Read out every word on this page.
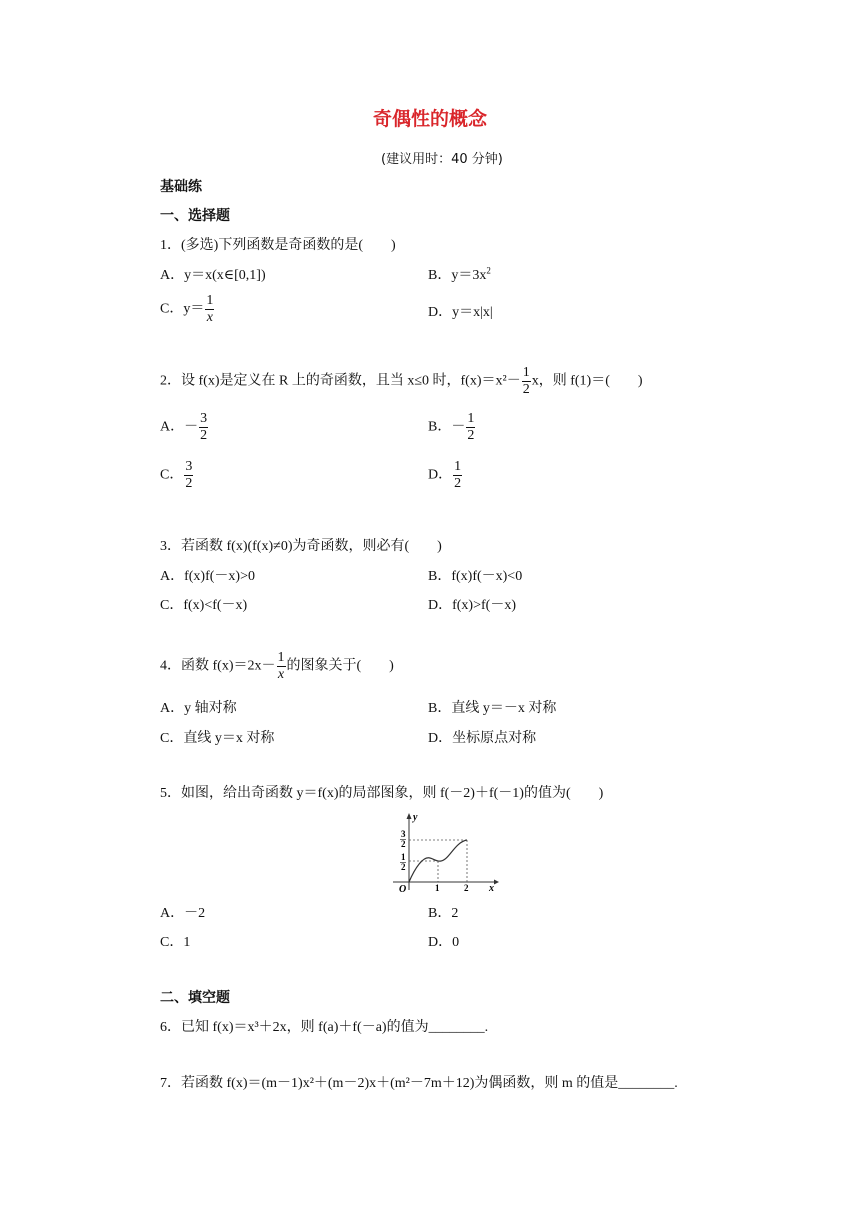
奇偶性的概念
(建议用时：40 分钟)
基础练
一、选择题
1．(多选)下列函数是奇函数的是(　　)
A．y＝x(x∈[0,1])	B．$y=3x^2$
C．$y= \frac{1}{x}$	D．y＝x|x|
2．设 f(x)是定义在 R 上的奇函数，且当 x≤0 时，$f(x)=x^2- \frac{1}{2}$ x，则 f(1)＝(　　)
A．－ $\frac{3}{2}$	B．－ $\frac{1}{2}$
C． $\frac{3}{2}$	D． $\frac{1}{2}$
3．若函数 f(x)(f(x)≠0)为奇函数，则必有(　　)
A．f(x)f(－x)>0	B．f(x)f(－x)<0
C．f(x)<f(－x)	D．f(x)>f(－x)
4．函数 $f(x)=2x- \frac{1}{x}$ 的图象关于(　　)
A．y 轴对称	B．直线 y＝－x 对称
C．直线 y＝x 对称	D．坐标原点对称
5．如图，给出奇函数 y＝f(x)的局部图象，则 f(－2)＋f(－1)的值为(　　)
y
x
O
3
2
1
2
1	2
A．－2	B．2
C．1	D．0
二、填空题
6．已知 f(x)＝x³＋2x，则 f(a)＋f(－a)的值为________.
7．若函数 f(x)＝(m－1)x²＋(m－2)x＋(m²－7m＋12)为偶函数，则 m 的值是________.
